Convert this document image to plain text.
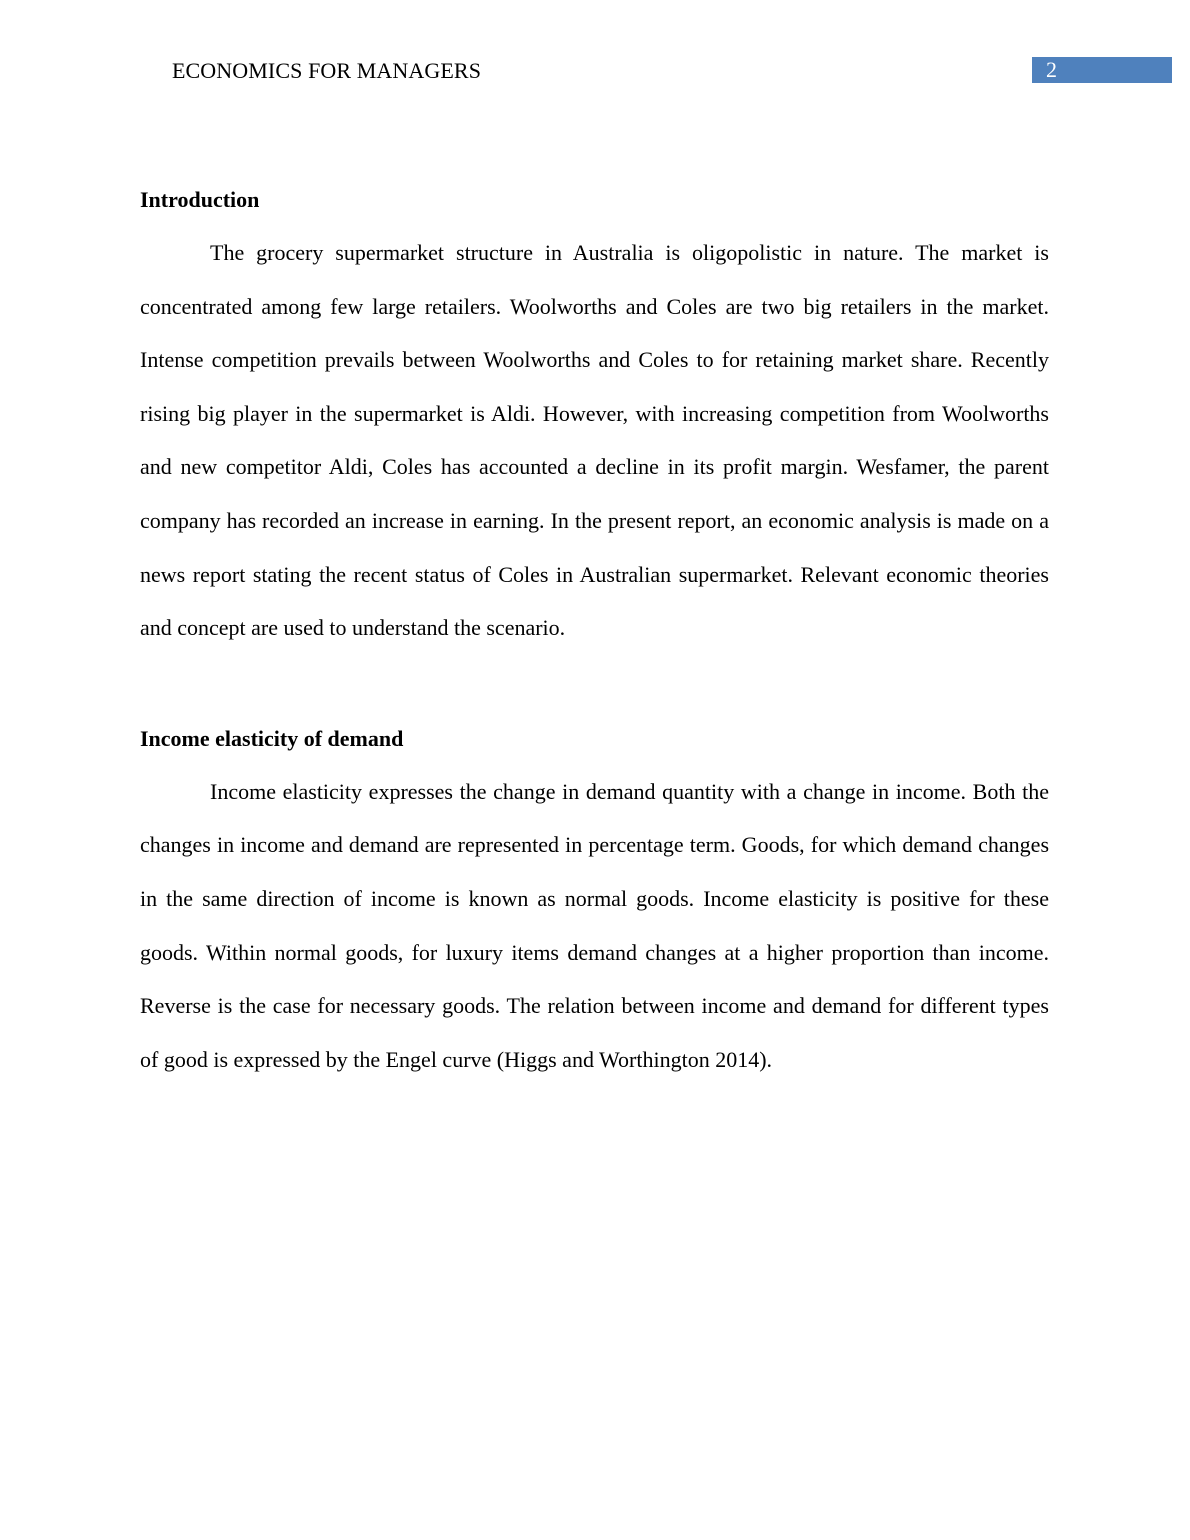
ECONOMICS FOR MANAGERS	2
Introduction

The grocery supermarket structure in Australia is oligopolistic in nature. The market is concentrated among few large retailers. Woolworths and Coles are two big retailers in the market. Intense competition prevails between Woolworths and Coles to for retaining market share. Recently rising big player in the supermarket is Aldi. However, with increasing competition from Woolworths and new competitor Aldi, Coles has accounted a decline in its profit margin. Wesfamer, the parent company has recorded an increase in earning. In the present report, an economic analysis is made on a news report stating the recent status of Coles in Australian supermarket. Relevant economic theories and concept are used to understand the scenario.

Income elasticity of demand

Income elasticity expresses the change in demand quantity with a change in income. Both the changes in income and demand are represented in percentage term. Goods, for which demand changes in the same direction of income is known as normal goods. Income elasticity is positive for these goods. Within normal goods, for luxury items demand changes at a higher proportion than income. Reverse is the case for necessary goods. The relation between income and demand for different types of good is expressed by the Engel curve (Higgs and Worthington 2014).
